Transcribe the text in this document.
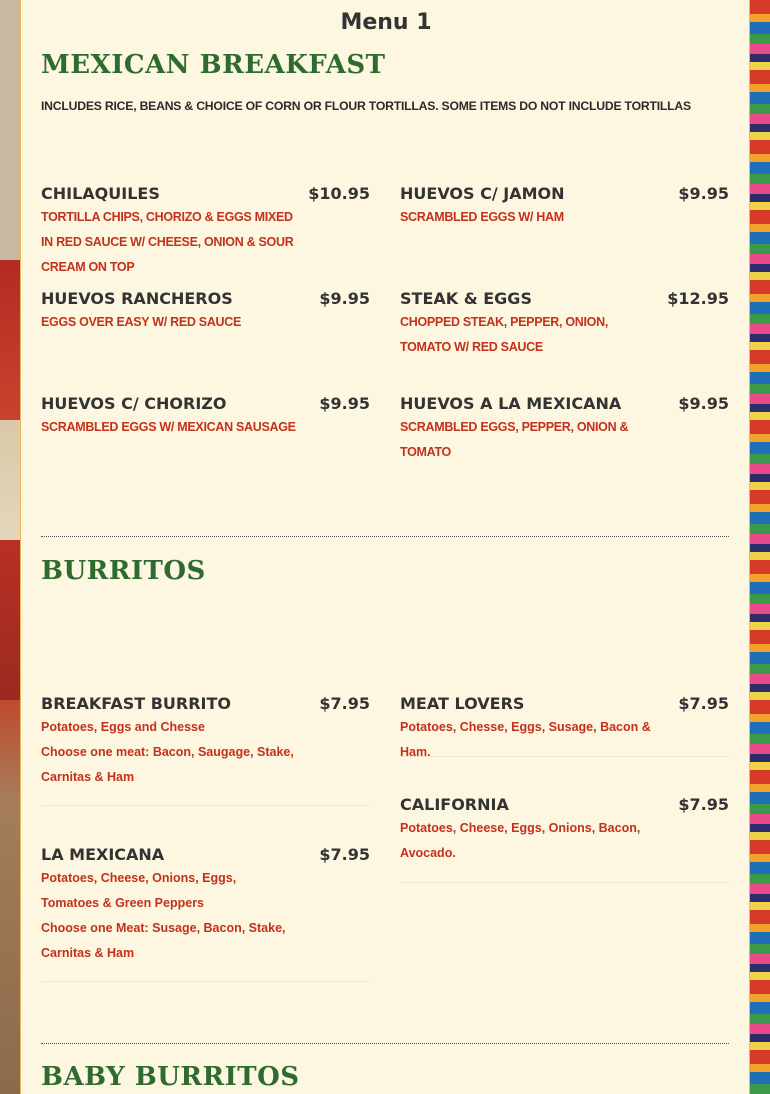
Menu 1
MEXICAN BREAKFAST

INCLUDES RICE, BEANS & CHOICE OF CORN OR FLOUR TORTILLAS. SOME ITEMS DO NOT INCLUDE TORTILLAS

CHILAQUILES	$10.95

TORTILLA CHIPS, CHORIZO & EGGS MIXED IN RED SAUCE W/ CHEESE, ONION & SOUR CREAM ON TOP

HUEVOS C/ JAMON	$9.95

SCRAMBLED EGGS W/ HAM

HUEVOS RANCHEROS	$9.95

EGGS OVER EASY W/ RED SAUCE

STEAK & EGGS	$12.95

CHOPPED STEAK, PEPPER, ONION, TOMATO W/ RED SAUCE

HUEVOS C/ CHORIZO	$9.95

SCRAMBLED EGGS W/ MEXICAN SAUSAGE

HUEVOS A LA MEXICANA	$9.95

SCRAMBLED EGGS, PEPPER, ONION & TOMATO

BURRITOS
BREAKFAST BURRITO	$7.95

Potatoes, Eggs and Chesse

Choose one meat: Bacon, Saugage, Stake, Carnitas & Ham

MEAT LOVERS	$7.95

Potatoes, Chesse, Eggs, Susage, Bacon & Ham.

CALIFORNIA	$7.95

Potatoes, Cheese, Eggs, Onions, Bacon, Avocado.

LA MEXICANA	$7.95

Potatoes, Cheese, Onions, Eggs, Tomatoes & Green Peppers

Choose one Meat: Susage, Bacon, Stake, Carnitas & Ham

BABY BURRITOS
